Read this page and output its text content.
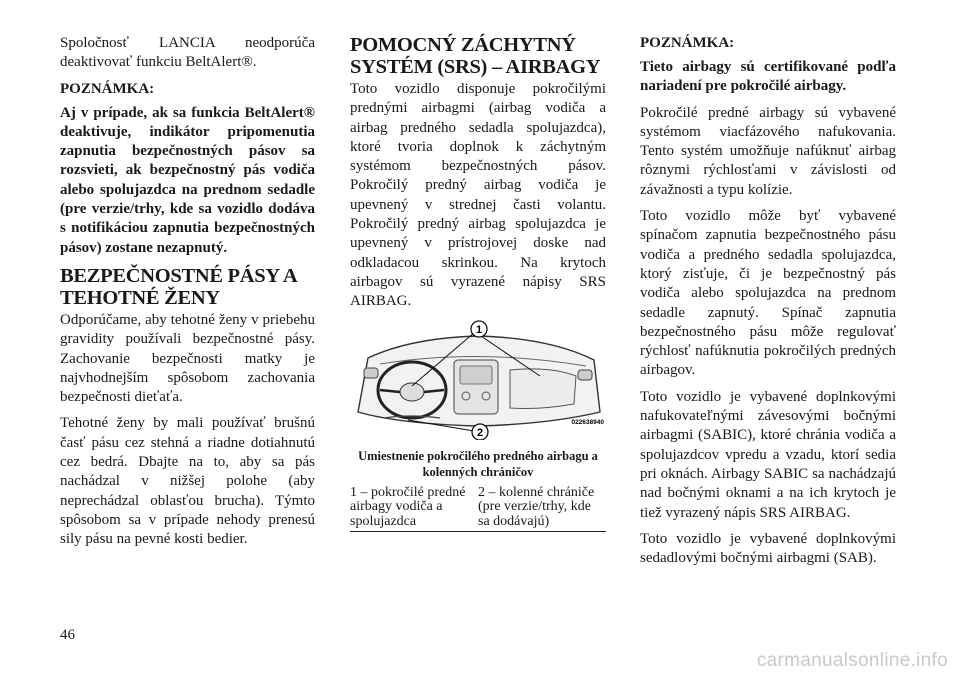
Spoločnosť LANCIA neodporúča deaktivovať funkciu BeltAlert®.

POZNÁMKA:

Aj v prípade, ak sa funkcia BeltAlert® deaktivuje, indikátor pripomenutia zapnutia bezpečnostných pásov sa rozsvieti, ak bezpečnostný pás vodiča alebo spolujazdca na prednom sedadle (pre verzie/trhy, kde sa vozidlo dodáva s notifikáciou zapnutia bezpečnostných pásov) zostane nezapnutý.

BEZPEČNOSTNÉ PÁSY A TEHOTNÉ ŽENY

Odporúčame, aby tehotné ženy v priebehu gravidity používali bezpečnostné pásy. Zachovanie bezpečnosti matky je najvhodnejším spôsobom zachovania bezpečnosti dieťaťa.

Tehotné ženy by mali používať brušnú časť pásu cez stehná a riadne dotiahnutú cez bedrá. Dbajte na to, aby sa pás nachádzal v nižšej polohe (aby neprechádzal oblasťou brucha). Týmto spôsobom sa v prípade nehody prenesú sily pásu na pevné kosti bedier.

POMOCNÝ ZÁCHYTNÝ SYSTÉM (SRS) – AIRBAGY

Toto vozidlo disponuje pokročilými prednými airbagmi (airbag vodiča a airbag predného sedadla spolujazdca), ktoré tvoria doplnok k záchytným systémom bezpečnostných pásov. Pokročilý predný airbag vodiča je upevnený v strednej časti volantu. Pokročilý predný airbag spolujazdca je upevnený v prístrojovej doske nad odkladacou skrinkou. Na krytoch airbagov sú vyrazené nápisy SRS AIRBAG.

1
2
022638940
Umiestnenie pokročilého predného airbagu a kolenných chráničov
1 – pokročilé predné airbagy vodiča a spolujazdca
2 – kolenné chrániče (pre verzie/trhy, kde sa dodávajú)
POZNÁMKA:

Tieto airbagy sú certifikované podľa nariadení pre pokročilé airbagy.

Pokročilé predné airbagy sú vybavené systémom viacfázového nafukovania. Tento systém umožňuje nafúknuť airbag rôznymi rýchlosťami v závislosti od závažnosti a typu kolízie.

Toto vozidlo môže byť vybavené spínačom zapnutia bezpečnostného pásu vodiča a predného sedadla spolujazdca, ktorý zisťuje, či je bezpečnostný pás vodiča alebo spolujazdca na prednom sedadle zapnutý. Spínač zapnutia bezpečnostného pásu môže regulovať rýchlosť nafúknutia pokročilých predných airbagov.

Toto vozidlo je vybavené doplnkovými nafukovateľnými závesovými bočnými airbagmi (SABIC), ktoré chránia vodiča a spolujazdcov vpredu a vzadu, ktorí sedia pri oknách. Airbagy SABIC sa nachádzajú nad bočnými oknami a na ich krytoch je tiež vyrazený nápis SRS AIRBAG.

Toto vozidlo je vybavené doplnkovými sedadlovými bočnými airbagmi (SAB).

46
carmanualsonline.info
